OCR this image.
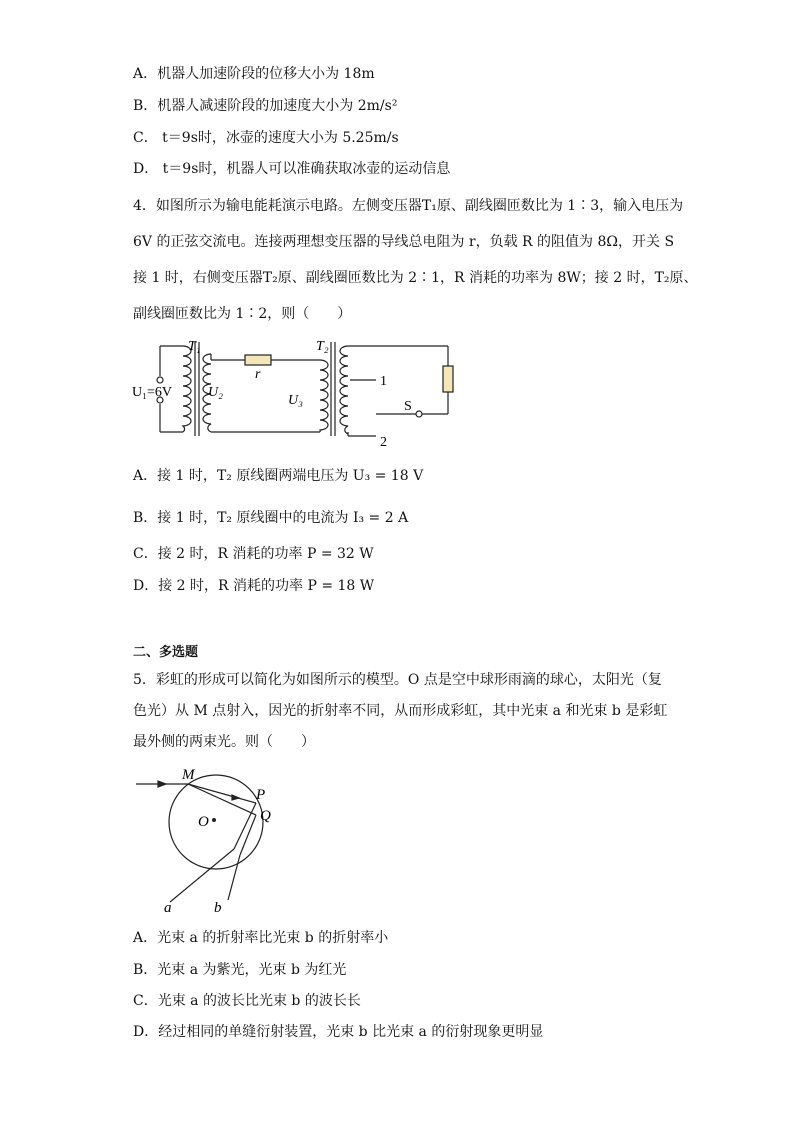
A．机器人加速阶段的位移大小为 18m
B．机器人减速阶段的加速度大小为 2m/s²
C． t＝9s时，冰壶的速度大小为 5.25m/s
D． t＝9s时，机器人可以准确获取冰壶的运动信息
4．如图所示为输电能耗演示电路。左侧变压器T₁原、副线圈匝数比为 1∶3，输入电压为
6V 的正弦交流电。连接两理想变压器的导线总电阻为 r，负载 R 的阻值为 8Ω，开关 S
接 1 时，右侧变压器T₂原、副线圈匝数比为 2∶1，R 消耗的功率为 8W；接 2 时，T₂原、
副线圈匝数比为 1∶2，则（　　）
T₁
r
T₂
U₁=6V	U₂
U₃
1
S
2
A．接 1 时，T₂ 原线圈两端电压为 U₃ = 18 V
B．接 1 时，T₂ 原线圈中的电流为 I₃ = 2 A
C．接 2 时，R 消耗的功率 P = 32 W
D．接 2 时，R 消耗的功率 P = 18 W
二、多选题
5．彩虹的形成可以简化为如图所示的模型。O 点是空中球形雨滴的球心，太阳光（复
色光）从 M 点射入，因光的折射率不同，从而形成彩虹，其中光束 a 和光束 b 是彩虹
最外侧的两束光。则（　　）
M
P
Q
O
a	b
A．光束 a 的折射率比光束 b 的折射率小
B．光束 a 为紫光，光束 b 为红光
C．光束 a 的波长比光束 b 的波长长
D．经过相同的单缝衍射装置，光束 b 比光束 a 的衍射现象更明显
